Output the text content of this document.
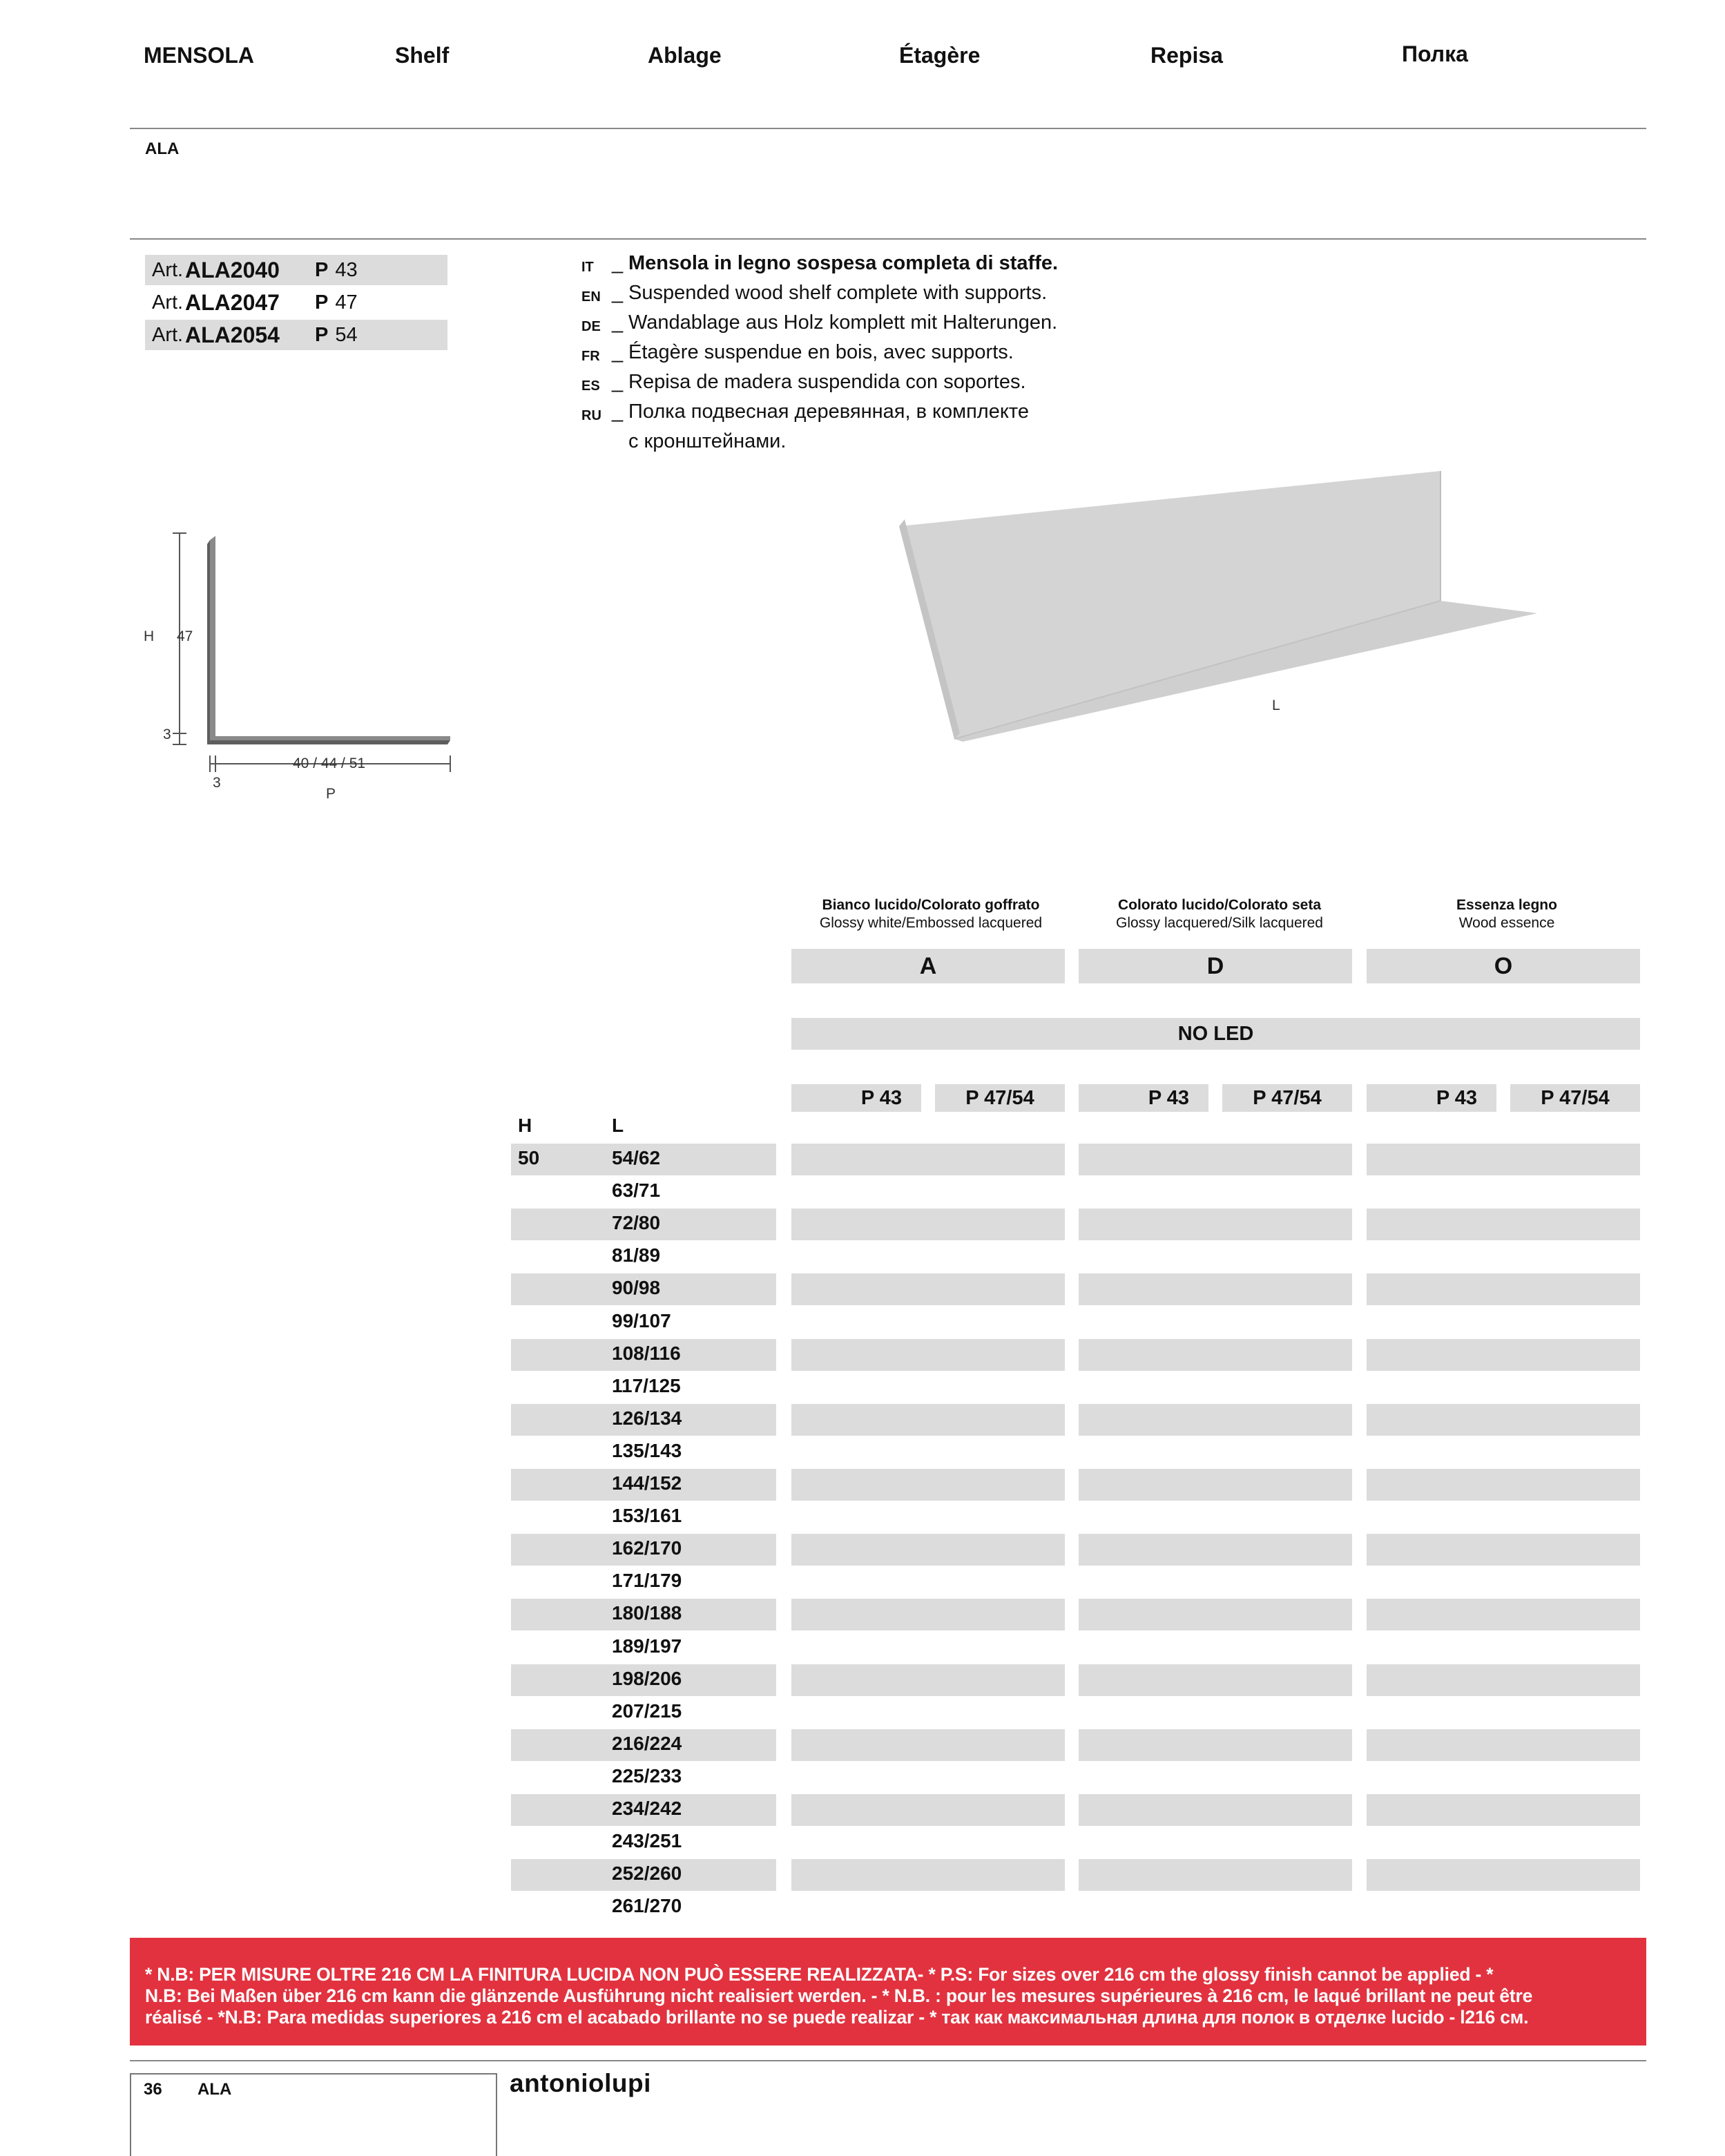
MENSOLA	Shelf	Ablage	Étagère	Repisa	Полка
ALA
Art. ALA2040	P 43
Art. ALA2047	P 47
Art. ALA2054	P 54
IT _ Mensola in legno sospesa completa di staffe.
EN _ Suspended wood shelf complete with supports.
DE _ Wandablage aus Holz komplett mit Halterungen.
FR _ Étagère suspendue en bois, avec supports.
ES _ Repisa de madera suspendida con soportes.
RU _ Полка подвесная деревянная, в комплекте
с кронштейнами.
H 47
3
40 / 44 / 51
3
P
L
Bianco lucido/Colorato goffrato
Glossy white/Embossed lacquered
Colorato lucido/Colorato seta
Glossy lacquered/Silk lacquered
Essenza legno
Wood essence
A	D	O
NO LED
P 43	P 47/54	P 43	P 47/54	P 43	P 47/54
H	L
50	54/62
63/71
72/80
81/89
90/98
99/107
108/116
117/125
126/134
135/143
144/152
153/161
162/170
171/179
180/188
189/197
198/206
207/215
216/224
225/233
234/242
243/251
252/260
261/270
* N.B: PER MISURE OLTRE 216 CM LA FINITURA LUCIDA NON PUÒ ESSERE REALIZZATA- * P.S: For sizes over 216 cm the glossy finish cannot be applied - *
N.B: Bei Maßen über 216 cm kann die glänzende Ausführung nicht realisiert werden. - * N.B. : pour les mesures supérieures à 216 cm, le laqué brillant ne peut être
réalisé - *N.B: Para medidas superiores a 216 cm el acabado brillante no se puede realizar - * так как максимальная длина для полок в отделке lucido - l216 см.
36 ALA	antoniolupi
